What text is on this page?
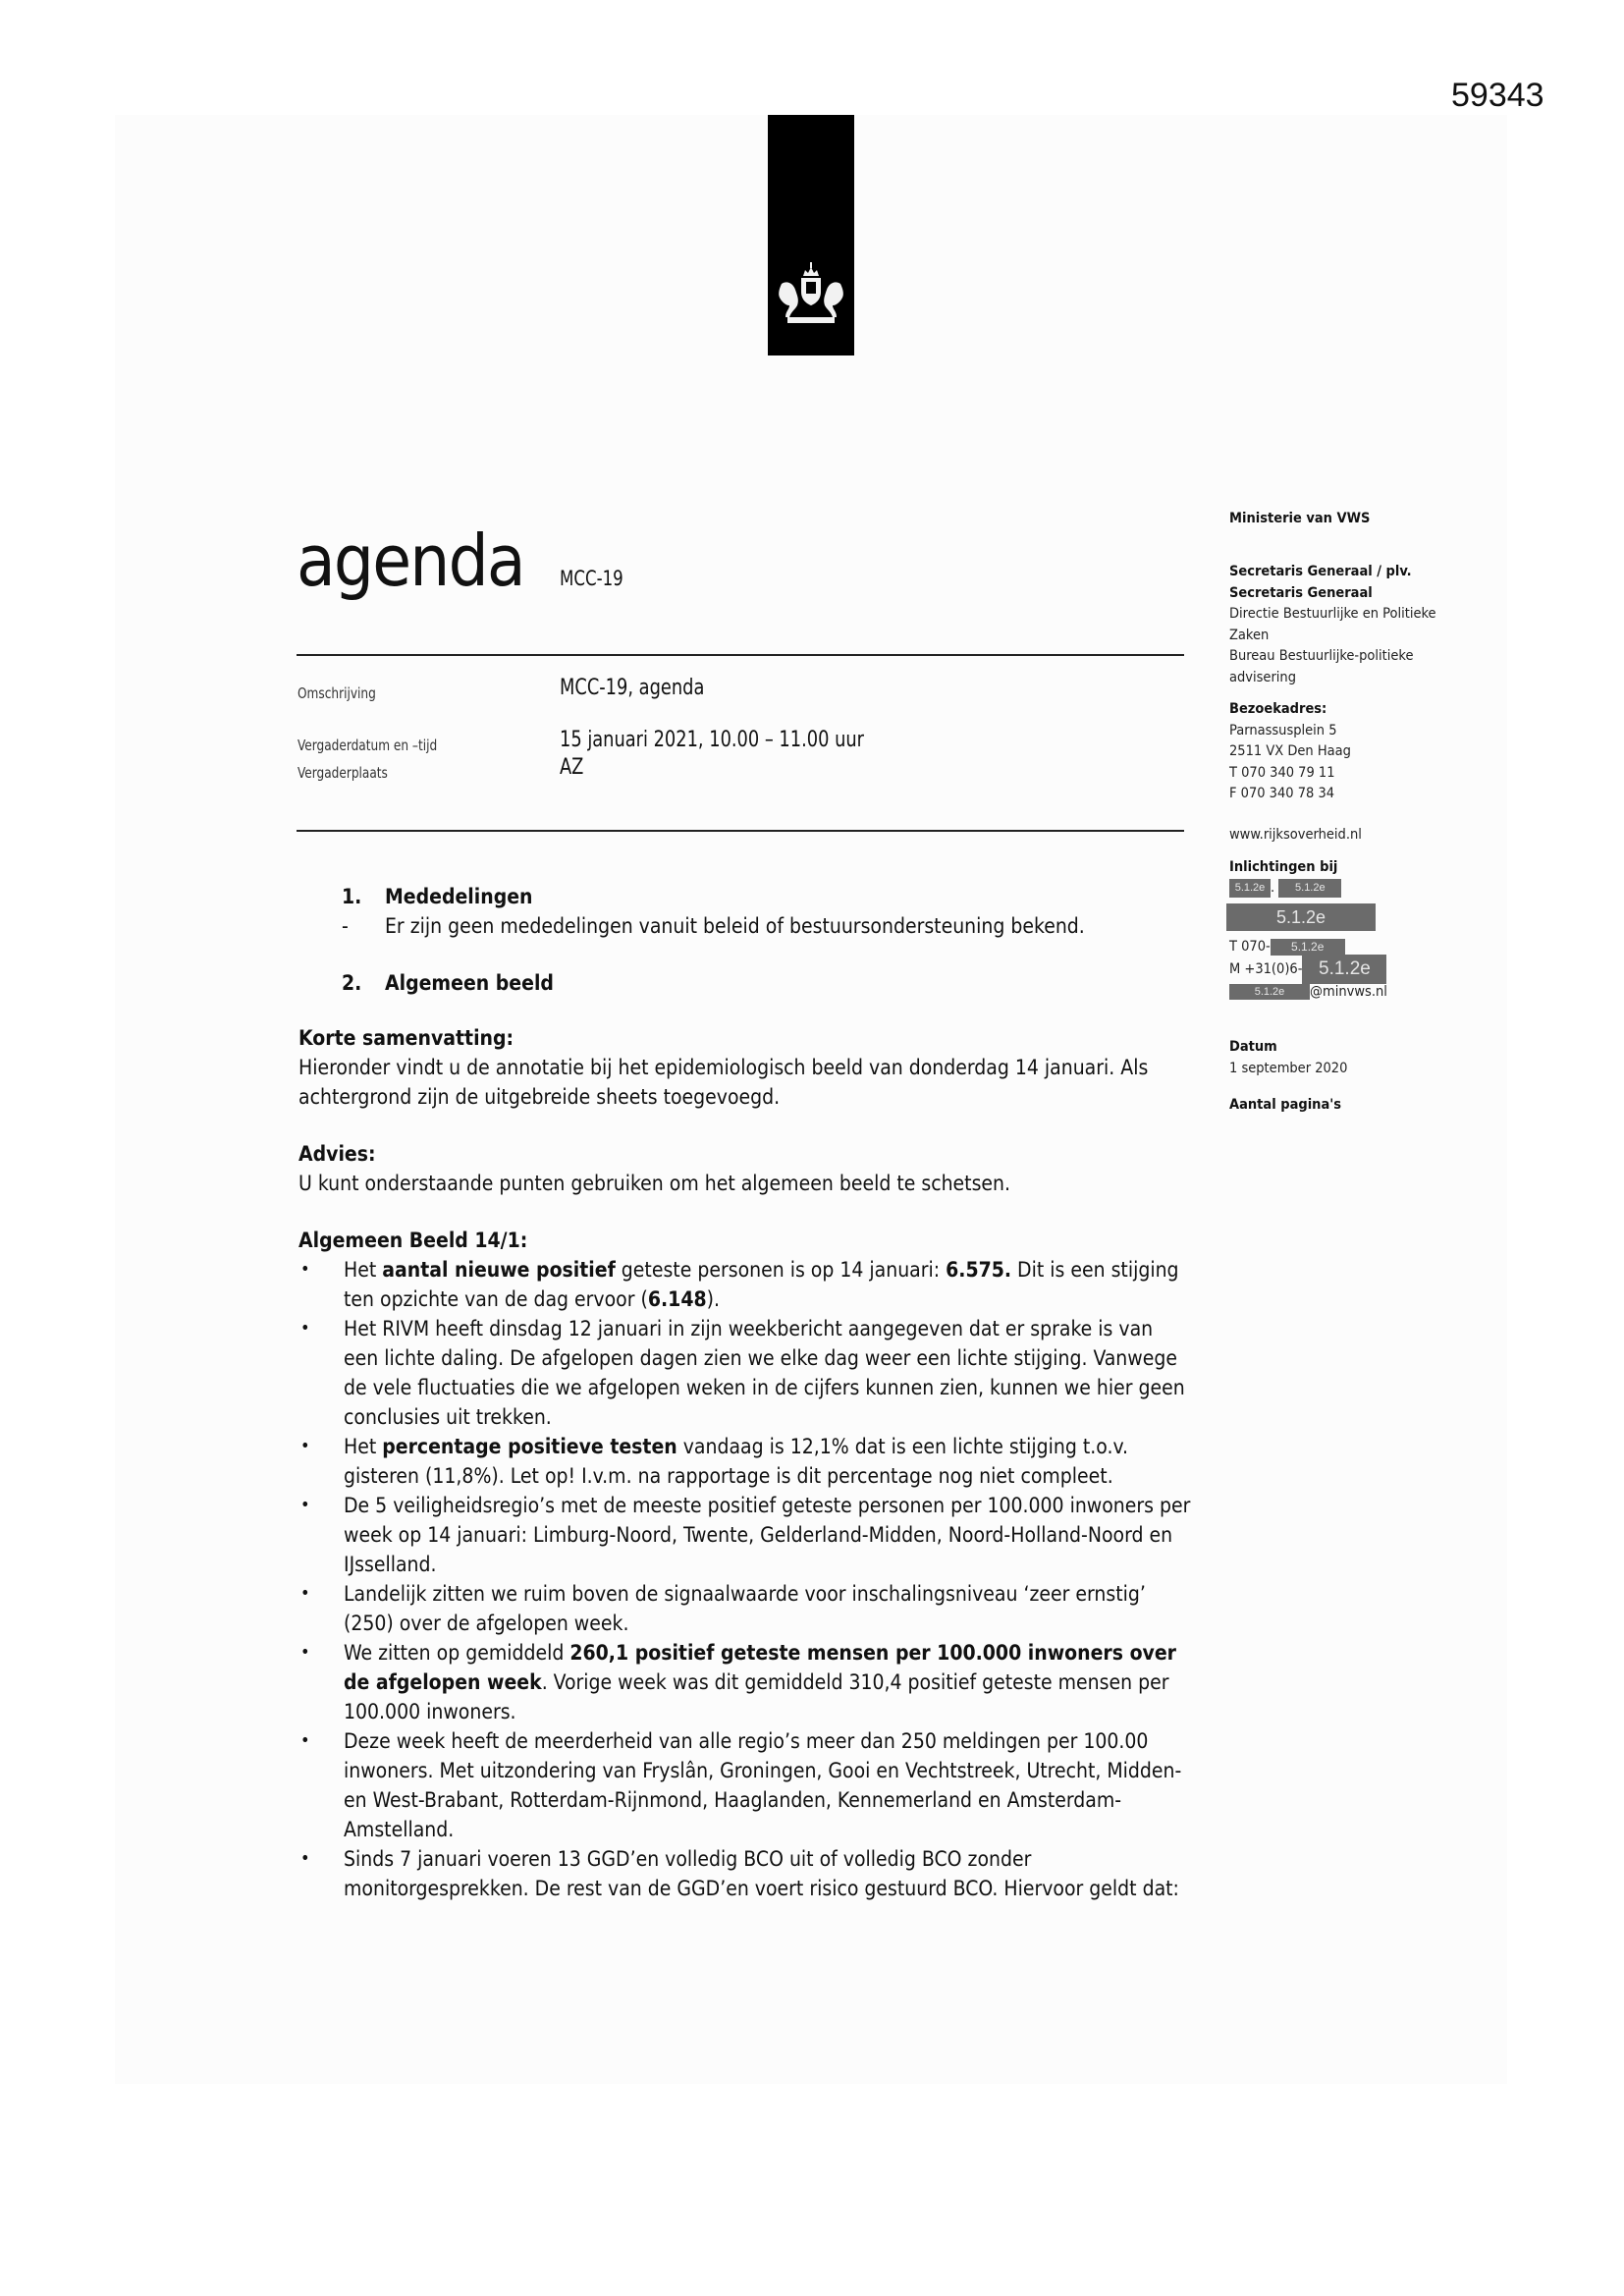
59343
agenda MCC-19
Omschrijving	MCC-19, agenda
Vergaderdatum en –tijd	15 januari 2021, 10.00 – 11.00 uur
Vergaderplaats	AZ
1. Mededelingen
-	Er zijn geen mededelingen vanuit beleid of bestuursondersteuning bekend.
2. Algemeen beeld
Korte samenvatting:
Hieronder vindt u de annotatie bij het epidemiologisch beeld van donderdag 14 januari. Als achtergrond zijn de uitgebreide sheets toegevoegd.
Advies:
U kunt onderstaande punten gebruiken om het algemeen beeld te schetsen.
Algemeen Beeld 14/1:
•	Het aantal nieuwe positief geteste personen is op 14 januari: 6.575. Dit is een stijging ten opzichte van de dag ervoor (6.148).
•	Het RIVM heeft dinsdag 12 januari in zijn weekbericht aangegeven dat er sprake is van een lichte daling. De afgelopen dagen zien we elke dag weer een lichte stijging. Vanwege de vele fluctuaties die we afgelopen weken in de cijfers kunnen zien, kunnen we hier geen conclusies uit trekken.
•	Het percentage positieve testen vandaag is 12,1% dat is een lichte stijging t.o.v. gisteren (11,8%). Let op! I.v.m. na rapportage is dit percentage nog niet compleet.
•	De 5 veiligheidsregio’s met de meeste positief geteste personen per 100.000 inwoners per week op 14 januari: Limburg-Noord, Twente, Gelderland-Midden, Noord-Holland-Noord en IJsselland.
•	Landelijk zitten we ruim boven de signaalwaarde voor inschalingsniveau ‘zeer ernstig’ (250) over de afgelopen week.
•	We zitten op gemiddeld 260,1 positief geteste mensen per 100.000 inwoners over de afgelopen week. Vorige week was dit gemiddeld 310,4 positief geteste mensen per 100.000 inwoners.
•	Deze week heeft de meerderheid van alle regio’s meer dan 250 meldingen per 100.00 inwoners. Met uitzondering van Fryslân, Groningen, Gooi en Vechtstreek, Utrecht, Midden- en West-Brabant, Rotterdam-Rijnmond, Haaglanden, Kennemerland en Amsterdam-Amstelland.
•	Sinds 7 januari voeren 13 GGD’en volledig BCO uit of volledig BCO zonder monitorgesprekken. De rest van de GGD’en voert risico gestuurd BCO. Hiervoor geldt dat:
Ministerie van VWS
Secretaris Generaal / plv.
Secretaris Generaal
Directie Bestuurlijke en Politieke
Zaken
Bureau Bestuurlijke-politieke
advisering
Bezoekadres:
Parnassusplein 5
2511 VX Den Haag
T 070 340 79 11
F 070 340 78 34
www.rijksoverheid.nl
Inlichtingen bij
5.1.2e . 5.1.2e
5.1.2e
T 070- 5.1.2e
M +31(0)6- 5.1.2e
5.1.2e @minvws.nl
Datum
1 september 2020
Aantal pagina's
